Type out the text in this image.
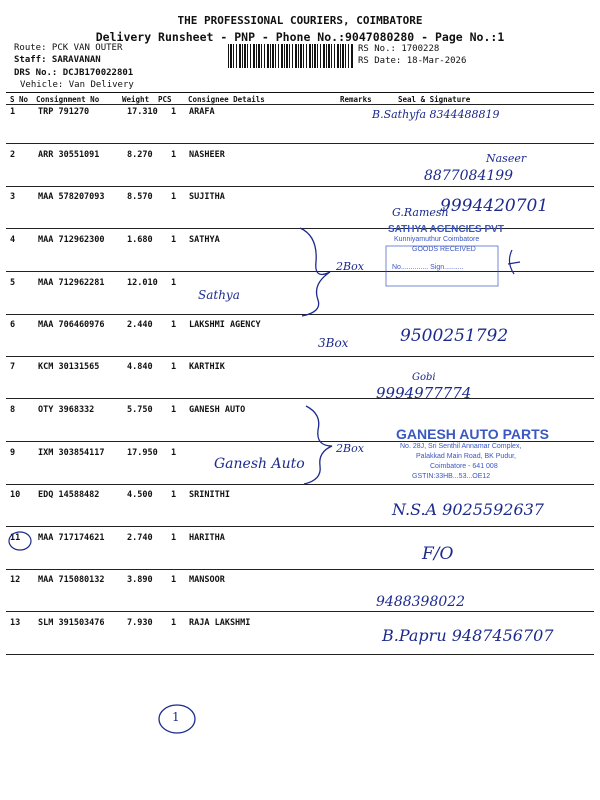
THE PROFESSIONAL COURIERS, COIMBATORE
Delivery Runsheet - PNP - Phone No.:9047080280 - Page No.:1
Route: PCK VAN OUTER
Staff: SARAVANAN
DRS No.: DCJB170022801
Vehicle: Van Delivery
RS No.: 1700228
RS Date: 18-Mar-2026
S No Consignment No	Weight PCS Consignee Details	Remarks	Seal & Signature
1	TRP 791270	17.310 1 ARAFA
2	ARR 30551091	8.270 1 NASHEER
3	MAA 578207093	8.570 1 SUJITHA
4	MAA 712962300	1.680 1 SATHYA
5	MAA 712962281	12.010 1
6	MAA 706460976	2.440 1 LAKSHMI AGENCY
7	KCM 30131565	4.840 1 KARTHIK
8	OTY 3968332	5.750 1 GANESH AUTO
9	IXM 303854117	17.950 1
10 EDQ 14588482	4.500 1 SRINITHI
11 MAA 717174621	2.740 1 HARITHA
12 MAA 715080132	3.890 1 MANSOOR
13 SLM 391503476	7.930 1 RAJA LAKSHMI
SATHYA AGENCIES PVT
Kunniyamuthur Coimbatore
GOODS RECEIVED
No.............. Sign..........
GANESH AUTO PARTS
No. 28J, Sri Senthil Annamar Complex,
Palakkad Main Road, BK Pudur,
Coimbatore - 641 008
GSTIN:33HB...53...OE12
B.Sathyfa 8344488819
Naseer
8877084199
G.Ramesh
9994420701
2Box
Sathya
3Box	9500251792
Gobi
9994977774
2Box
Ganesh Auto
N.S.A 9025592637
F/O
9488398022
B.Papru 9487456707
1
